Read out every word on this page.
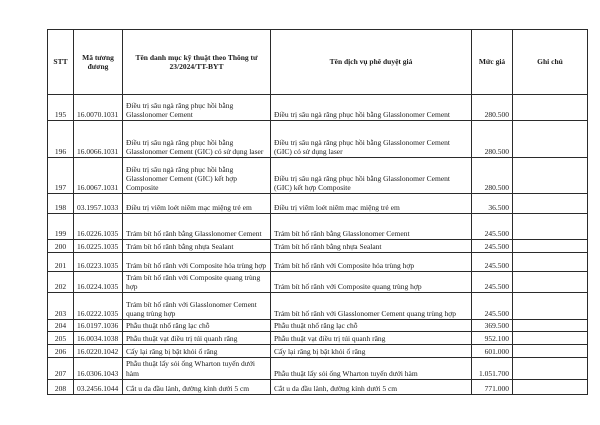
STT	Mã tương đương	Tên danh mục kỹ thuật theo Thông tư 23/2024/TT-BYT	Tên dịch vụ phê duyệt giá	Mức giá	Ghi chú
195	16.0070.1031	Điều trị sâu ngà răng phục hồi bằng Glasslonomer Cement	Điều trị sâu ngà răng phục hồi bằng Glasslonomer Cement	280.500	
196	16.0066.1031	Điều trị sâu ngà răng phục hồi bằng Glasslonomer Cement (GIC) có sử dụng laser	Điều trị sâu ngà răng phục hồi bằng Glasslonomer Cement (GIC) có sử dụng laser	280.500	
197	16.0067.1031	Điều trị sâu ngà răng phục hồi bằng Glasslonomer Cement (GIC) kết hợp Composite	Điều trị sâu ngà răng phục hồi bằng Glasslonomer Cement (GIC) kết hợp Composite	280.500	
198	03.1957.1033	Điều trị viêm loét niêm mạc miệng trẻ em	Điều trị viêm loét niêm mạc miệng trẻ em	36.500	
199	16.0226.1035	Trám bít hố rãnh bằng Glasslonomer Cement	Trám bít hố rãnh bằng Glasslonomer Cement	245.500	
200	16.0225.1035	Trám bít hố rãnh bằng nhựa Sealant	Trám bít hố rãnh bằng nhựa Sealant	245.500	
201	16.0223.1035	Trám bít hố rãnh với Composite hóa trùng hợp	Trám bít hố rãnh với Composite hóa trùng hợp	245.500	
202	16.0224.1035	Trám bít hố rãnh với Composite quang trùng hợp	Trám bít hố rãnh với Composite quang trùng hợp	245.500	
203	16.0222.1035	Trám bít hố rãnh với Glasslonomer Cement quang trùng hợp	Trám bít hố rãnh với Glasslonomer Cement quang trùng hợp	245.500	
204	16.0197.1036	Phẫu thuật nhổ răng lạc chỗ	Phẫu thuật nhổ răng lạc chỗ	369.500	
205	16.0034.1038	Phẫu thuật vạt điều trị túi quanh răng	Phẫu thuật vạt điều trị túi quanh răng	952.100	
206	16.0220.1042	Cấy lại răng bị bật khỏi ổ răng	Cấy lại răng bị bật khỏi ổ răng	601.000	
207	16.0306.1043	Phẫu thuật lấy sỏi ống Wharton tuyến dưới hàm	Phẫu thuật lấy sỏi ống Wharton tuyến dưới hàm	1.051.700	
208	03.2456.1044	Cắt u da đầu lành, đường kính dưới 5 cm	Cắt u da đầu lành, đường kính dưới 5 cm	771.000	
